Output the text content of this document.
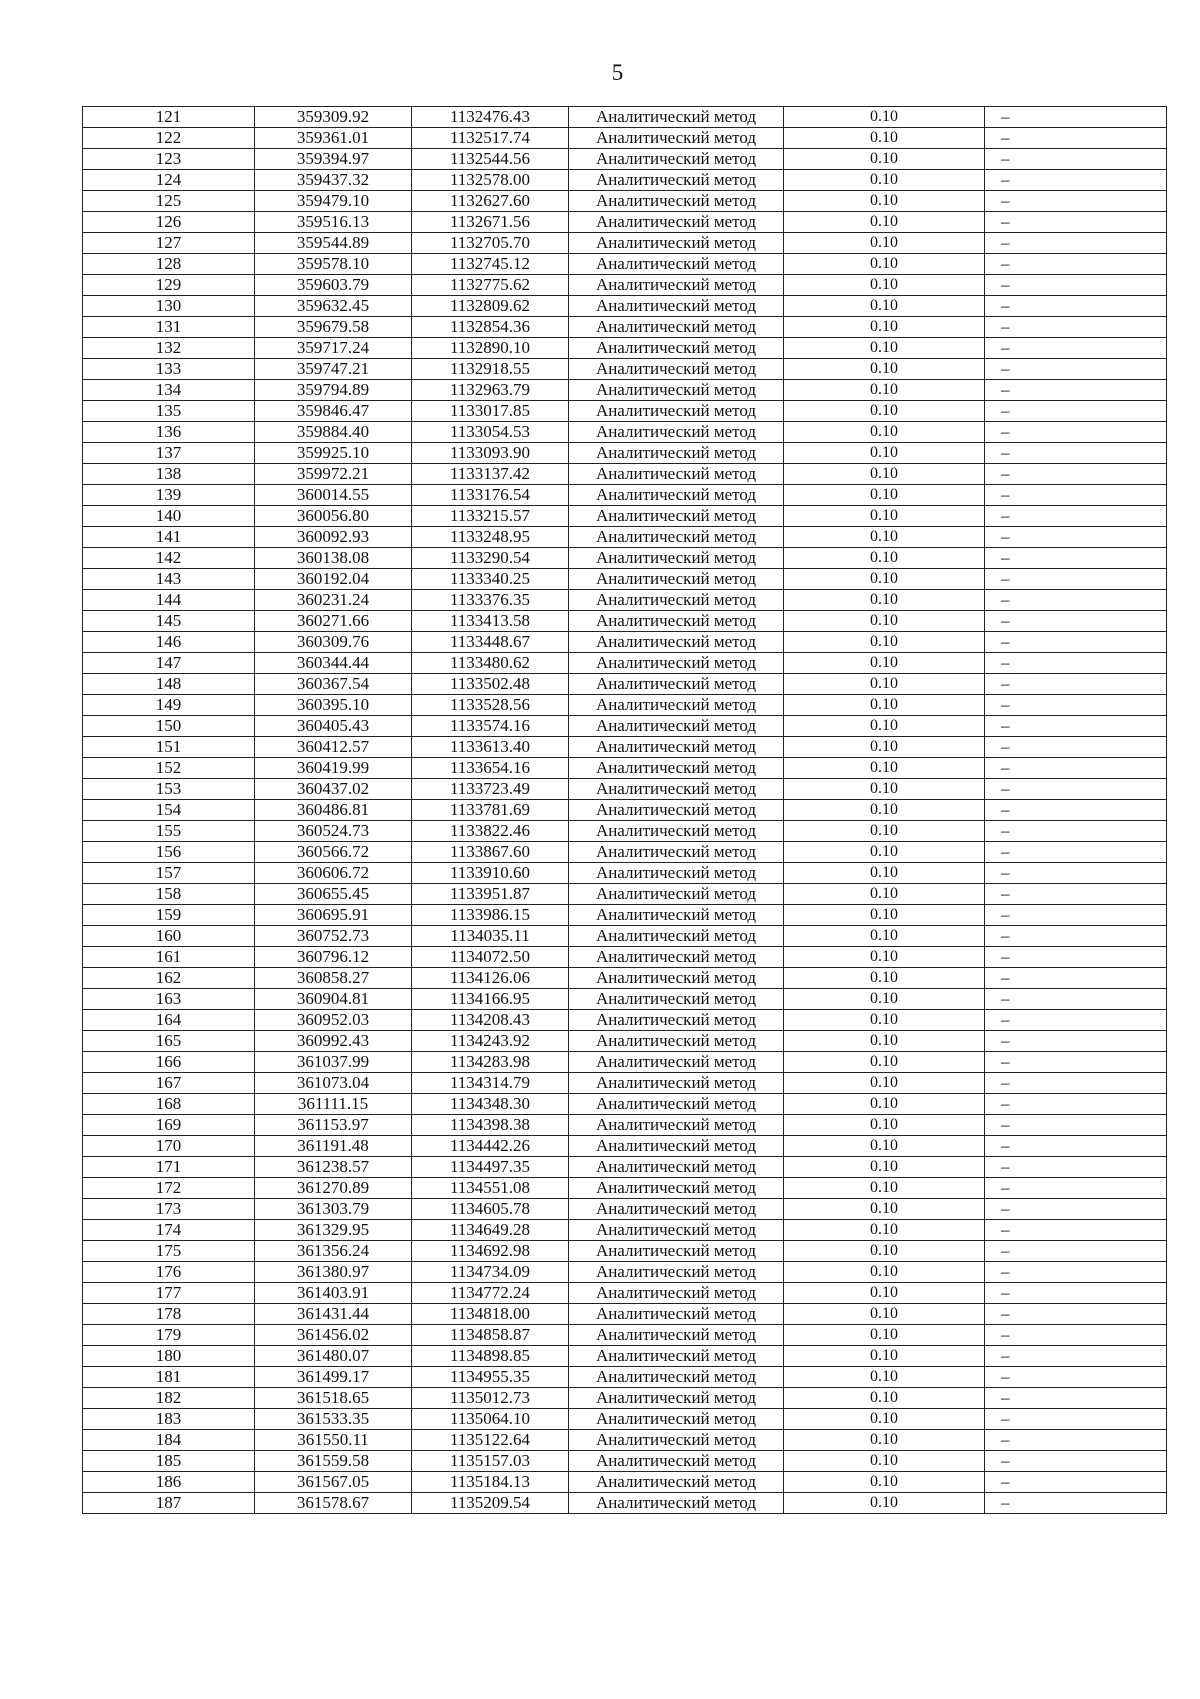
5
121	359309.92	1132476.43	Аналитический метод	0.10	–
122	359361.01	1132517.74	Аналитический метод	0.10	–
123	359394.97	1132544.56	Аналитический метод	0.10	–
124	359437.32	1132578.00	Аналитический метод	0.10	–
125	359479.10	1132627.60	Аналитический метод	0.10	–
126	359516.13	1132671.56	Аналитический метод	0.10	–
127	359544.89	1132705.70	Аналитический метод	0.10	–
128	359578.10	1132745.12	Аналитический метод	0.10	–
129	359603.79	1132775.62	Аналитический метод	0.10	–
130	359632.45	1132809.62	Аналитический метод	0.10	–
131	359679.58	1132854.36	Аналитический метод	0.10	–
132	359717.24	1132890.10	Аналитический метод	0.10	–
133	359747.21	1132918.55	Аналитический метод	0.10	–
134	359794.89	1132963.79	Аналитический метод	0.10	–
135	359846.47	1133017.85	Аналитический метод	0.10	–
136	359884.40	1133054.53	Аналитический метод	0.10	–
137	359925.10	1133093.90	Аналитический метод	0.10	–
138	359972.21	1133137.42	Аналитический метод	0.10	–
139	360014.55	1133176.54	Аналитический метод	0.10	–
140	360056.80	1133215.57	Аналитический метод	0.10	–
141	360092.93	1133248.95	Аналитический метод	0.10	–
142	360138.08	1133290.54	Аналитический метод	0.10	–
143	360192.04	1133340.25	Аналитический метод	0.10	–
144	360231.24	1133376.35	Аналитический метод	0.10	–
145	360271.66	1133413.58	Аналитический метод	0.10	–
146	360309.76	1133448.67	Аналитический метод	0.10	–
147	360344.44	1133480.62	Аналитический метод	0.10	–
148	360367.54	1133502.48	Аналитический метод	0.10	–
149	360395.10	1133528.56	Аналитический метод	0.10	–
150	360405.43	1133574.16	Аналитический метод	0.10	–
151	360412.57	1133613.40	Аналитический метод	0.10	–
152	360419.99	1133654.16	Аналитический метод	0.10	–
153	360437.02	1133723.49	Аналитический метод	0.10	–
154	360486.81	1133781.69	Аналитический метод	0.10	–
155	360524.73	1133822.46	Аналитический метод	0.10	–
156	360566.72	1133867.60	Аналитический метод	0.10	–
157	360606.72	1133910.60	Аналитический метод	0.10	–
158	360655.45	1133951.87	Аналитический метод	0.10	–
159	360695.91	1133986.15	Аналитический метод	0.10	–
160	360752.73	1134035.11	Аналитический метод	0.10	–
161	360796.12	1134072.50	Аналитический метод	0.10	–
162	360858.27	1134126.06	Аналитический метод	0.10	–
163	360904.81	1134166.95	Аналитический метод	0.10	–
164	360952.03	1134208.43	Аналитический метод	0.10	–
165	360992.43	1134243.92	Аналитический метод	0.10	–
166	361037.99	1134283.98	Аналитический метод	0.10	–
167	361073.04	1134314.79	Аналитический метод	0.10	–
168	361111.15	1134348.30	Аналитический метод	0.10	–
169	361153.97	1134398.38	Аналитический метод	0.10	–
170	361191.48	1134442.26	Аналитический метод	0.10	–
171	361238.57	1134497.35	Аналитический метод	0.10	–
172	361270.89	1134551.08	Аналитический метод	0.10	–
173	361303.79	1134605.78	Аналитический метод	0.10	–
174	361329.95	1134649.28	Аналитический метод	0.10	–
175	361356.24	1134692.98	Аналитический метод	0.10	–
176	361380.97	1134734.09	Аналитический метод	0.10	–
177	361403.91	1134772.24	Аналитический метод	0.10	–
178	361431.44	1134818.00	Аналитический метод	0.10	–
179	361456.02	1134858.87	Аналитический метод	0.10	–
180	361480.07	1134898.85	Аналитический метод	0.10	–
181	361499.17	1134955.35	Аналитический метод	0.10	–
182	361518.65	1135012.73	Аналитический метод	0.10	–
183	361533.35	1135064.10	Аналитический метод	0.10	–
184	361550.11	1135122.64	Аналитический метод	0.10	–
185	361559.58	1135157.03	Аналитический метод	0.10	–
186	361567.05	1135184.13	Аналитический метод	0.10	–
187	361578.67	1135209.54	Аналитический метод	0.10	–
